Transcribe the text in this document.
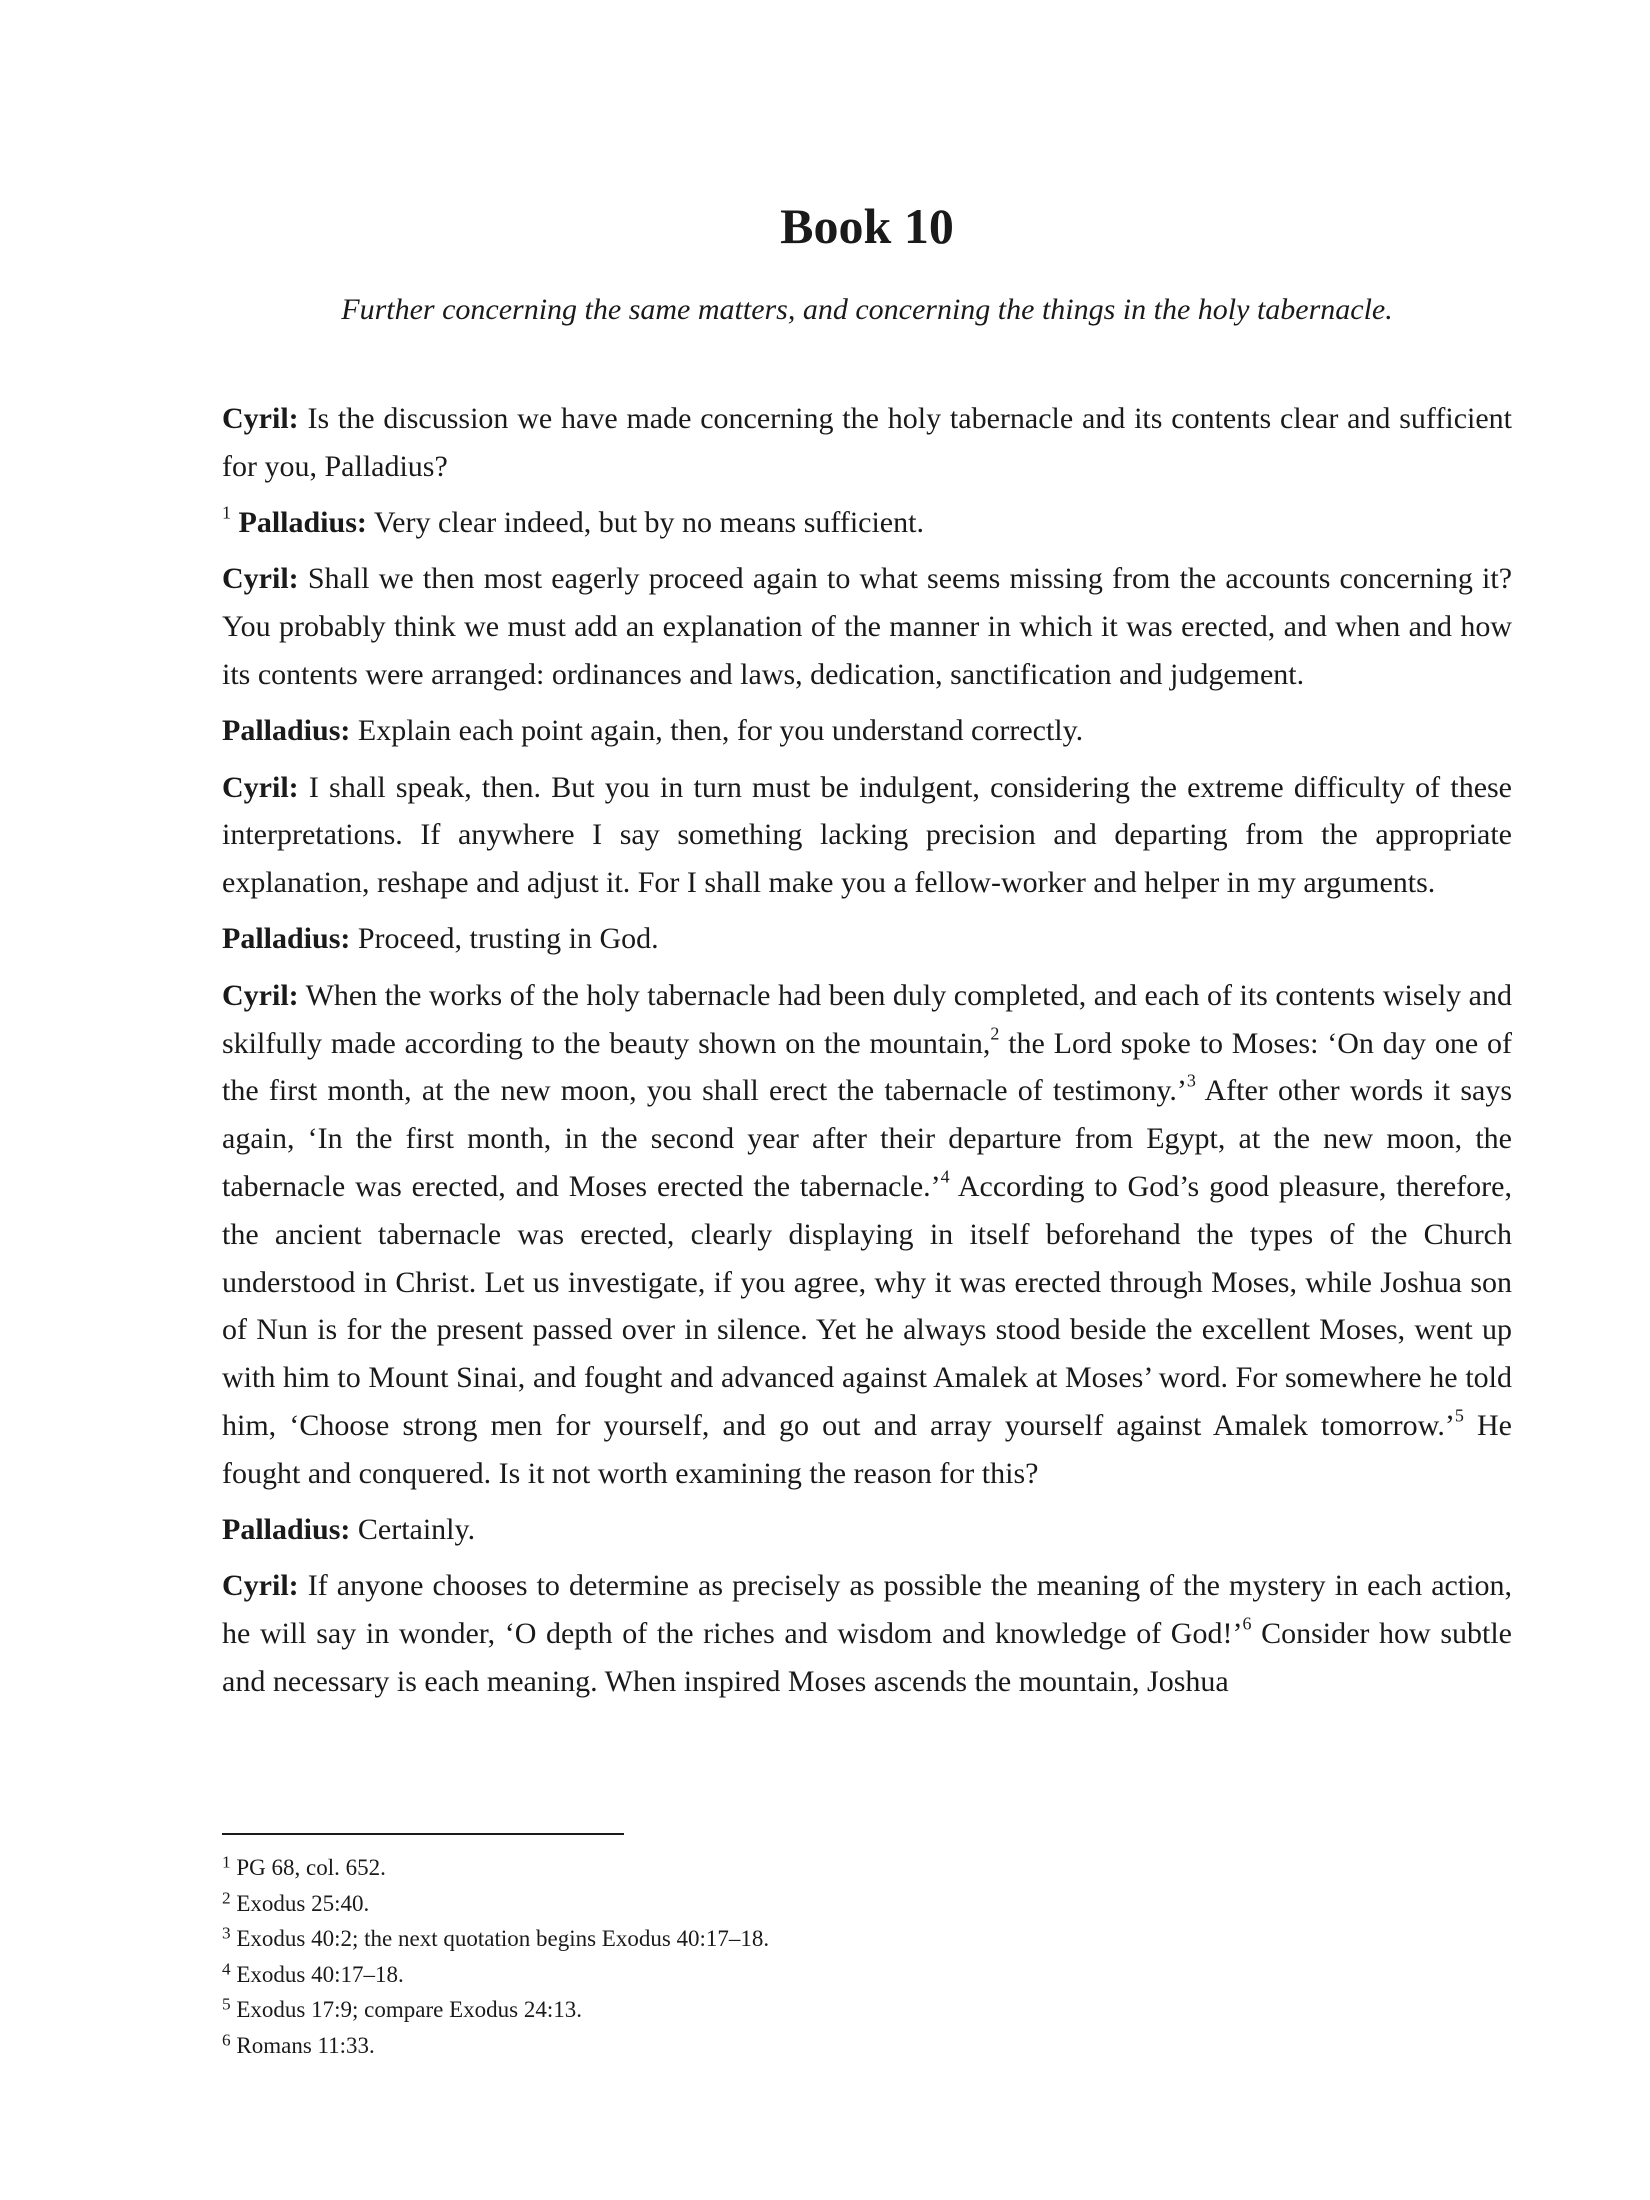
Book 10

Further concerning the same matters, and concerning the things in the holy tabernacle.

Cyril: Is the discussion we have made concerning the holy tabernacle and its contents clear and sufficient for you, Palladius?

$^1$ Palladius: Very clear indeed, but by no means sufficient.

Cyril: Shall we then most eagerly proceed again to what seems missing from the accounts concerning it? You probably think we must add an explanation of the manner in which it was erected, and when and how its contents were arranged: ordinances and laws, dedication, sanctification and judgement.

Palladius: Explain each point again, then, for you understand correctly.

Cyril: I shall speak, then. But you in turn must be indulgent, considering the extreme difficulty of these interpretations. If anywhere I say something lacking precision and departing from the appropriate explanation, reshape and adjust it. For I shall make you a fellow-worker and helper in my arguments.

Palladius: Proceed, trusting in God.

Cyril: When the works of the holy tabernacle had been duly completed, and each of its contents wisely and skilfully made according to the beauty shown on the mountain,$^2$ the Lord spoke to Moses: ‘On day one of the first month, at the new moon, you shall erect the tabernacle of testimony.’$^3$ After other words it says again, ‘In the first month, in the second year after their departure from Egypt, at the new moon, the tabernacle was erected, and Moses erected the tabernacle.’$^4$ According to God’s good pleasure, therefore, the ancient tabernacle was erected, clearly displaying in itself beforehand the types of the Church understood in Christ. Let us investigate, if you agree, why it was erected through Moses, while Joshua son of Nun is for the present passed over in silence. Yet he always stood beside the excellent Moses, went up with him to Mount Sinai, and fought and advanced against Amalek at Moses’ word. For somewhere he told him, ‘Choose strong men for yourself, and go out and array yourself against Amalek tomorrow.’$^5$ He fought and conquered. Is it not worth examining the reason for this?

Palladius: Certainly.

Cyril: If anyone chooses to determine as precisely as possible the meaning of the mystery in each action, he will say in wonder, ‘O depth of the riches and wisdom and knowledge of God!’$^6$ Consider how subtle and necessary is each meaning. When inspired Moses ascends the mountain, Joshua

$^1$ PG 68, col. 652.

$^2$ Exodus 25:40.

$^3$ Exodus 40:2; the next quotation begins Exodus 40:17–18.

$^4$ Exodus 40:17–18.

$^5$ Exodus 17:9; compare Exodus 24:13.

$^6$ Romans 11:33.
